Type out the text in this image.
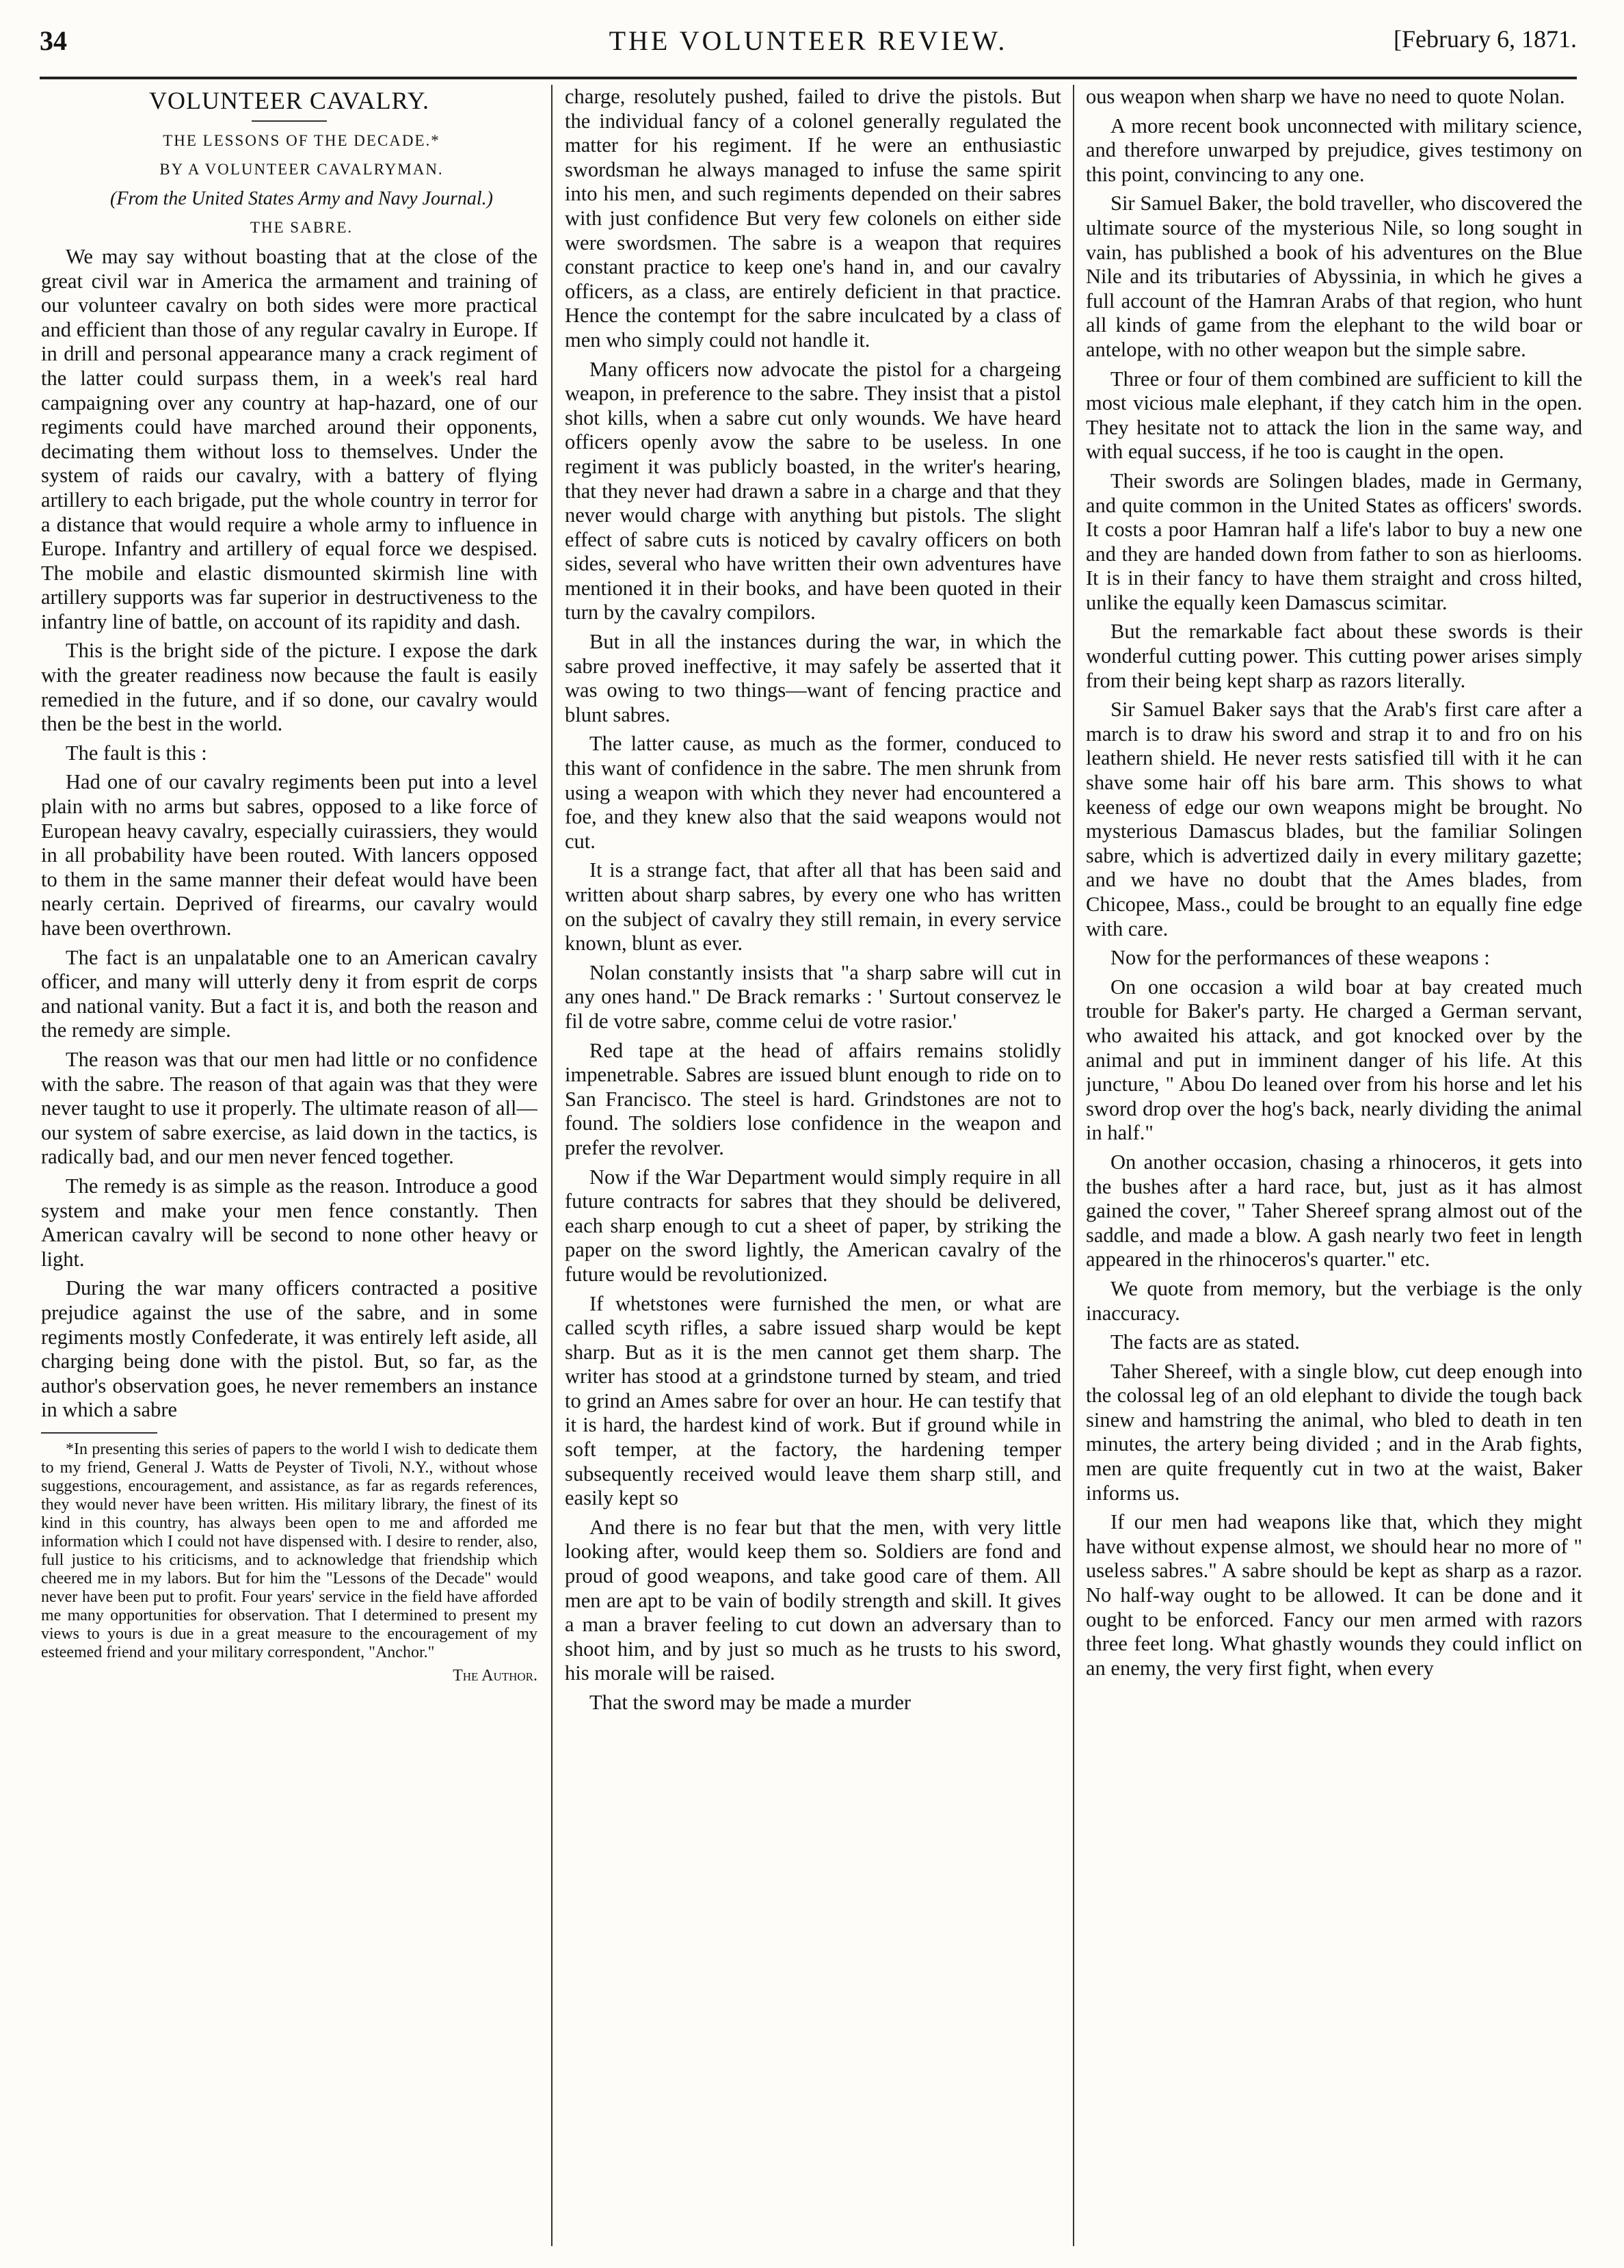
34	THE VOLUNTEER REVIEW.	[February 6, 1871.
VOLUNTEER CAVALRY.

THE LESSONS OF THE DECADE.*

BY A VOLUNTEER CAVALRYMAN.

(From the United States Army and Navy Journal.)

THE SABRE.

We may say without boasting that at the close of the great civil war in America the armament and training of our volunteer cavalry on both sides were more practical and efficient than those of any regular cavalry in Europe. If in drill and personal appearance many a crack regiment of the latter could surpass them, in a week's real hard campaigning over any country at hap-hazard, one of our regiments could have marched around their opponents, decimating them without loss to themselves. Under the system of raids our cavalry, with a battery of flying artillery to each brigade, put the whole country in terror for a distance that would require a whole army to influence in Europe. Infantry and artillery of equal force we despised. The mobile and elastic dismounted skirmish line with artillery supports was far superior in destructiveness to the infantry line of battle, on account of its rapidity and dash.

This is the bright side of the picture. I expose the dark with the greater readiness now because the fault is easily remedied in the future, and if so done, our cavalry would then be the best in the world.

The fault is this :

Had one of our cavalry regiments been put into a level plain with no arms but sabres, opposed to a like force of European heavy cavalry, especially cuirassiers, they would in all probability have been routed. With lancers opposed to them in the same manner their defeat would have been nearly certain. Deprived of firearms, our cavalry would have been overthrown.

The fact is an unpalatable one to an American cavalry officer, and many will utterly deny it from esprit de corps and national vanity. But a fact it is, and both the reason and the remedy are simple.

The reason was that our men had little or no confidence with the sabre. The reason of that again was that they were never taught to use it properly. The ultimate reason of all—our system of sabre exercise, as laid down in the tactics, is radically bad, and our men never fenced together.

The remedy is as simple as the reason. Introduce a good system and make your men fence constantly. Then American cavalry will be second to none other heavy or light.

During the war many officers contracted a positive prejudice against the use of the sabre, and in some regiments mostly Confederate, it was entirely left aside, all charging being done with the pistol. But, so far, as the author's observation goes, he never remembers an instance in which a sabre

*In presenting this series of papers to the world I wish to dedicate them to my friend, General J. Watts de Peyster of Tivoli, N.Y., without whose suggestions, encouragement, and assistance, as far as regards references, they would never have been written. His military library, the finest of its kind in this country, has always been open to me and afforded me information which I could not have dispensed with. I desire to render, also, full justice to his criticisms, and to acknowledge that friendship which cheered me in my labors. But for him the "Lessons of the Decade" would never have been put to profit. Four years' service in the field have afforded me many opportunities for observation. That I determined to present my views to yours is due in a great measure to the encouragement of my esteemed friend and your military correspondent, "Anchor."

The Author.

charge, resolutely pushed, failed to drive the pistols. But the individual fancy of a colonel generally regulated the matter for his regiment. If he were an enthusiastic swordsman he always managed to infuse the same spirit into his men, and such regiments depended on their sabres with just confidence But very few colonels on either side were swordsmen. The sabre is a weapon that requires constant practice to keep one's hand in, and our cavalry officers, as a class, are entirely deficient in that practice. Hence the contempt for the sabre inculcated by a class of men who simply could not handle it.

Many officers now advocate the pistol for a chargeing weapon, in preference to the sabre. They insist that a pistol shot kills, when a sabre cut only wounds. We have heard officers openly avow the sabre to be useless. In one regiment it was publicly boasted, in the writer's hearing, that they never had drawn a sabre in a charge and that they never would charge with anything but pistols. The slight effect of sabre cuts is noticed by cavalry officers on both sides, several who have written their own adventures have mentioned it in their books, and have been quoted in their turn by the cavalry compilors.

But in all the instances during the war, in which the sabre proved ineffective, it may safely be asserted that it was owing to two things—want of fencing practice and blunt sabres.

The latter cause, as much as the former, conduced to this want of confidence in the sabre. The men shrunk from using a weapon with which they never had encountered a foe, and they knew also that the said weapons would not cut.

It is a strange fact, that after all that has been said and written about sharp sabres, by every one who has written on the subject of cavalry they still remain, in every service known, blunt as ever.

Nolan constantly insists that "a sharp sabre will cut in any ones hand." De Brack remarks : ' Surtout conservez le fil de votre sabre, comme celui de votre rasior.'

Red tape at the head of affairs remains stolidly impenetrable. Sabres are issued blunt enough to ride on to San Francisco. The steel is hard. Grindstones are not to found. The soldiers lose confidence in the weapon and prefer the revolver.

Now if the War Department would simply require in all future contracts for sabres that they should be delivered, each sharp enough to cut a sheet of paper, by striking the paper on the sword lightly, the American cavalry of the future would be revolutionized.

If whetstones were furnished the men, or what are called scyth rifles, a sabre issued sharp would be kept sharp. But as it is the men cannot get them sharp. The writer has stood at a grindstone turned by steam, and tried to grind an Ames sabre for over an hour. He can testify that it is hard, the hardest kind of work. But if ground while in soft temper, at the factory, the hardening temper subsequently received would leave them sharp still, and easily kept so

And there is no fear but that the men, with very little looking after, would keep them so. Soldiers are fond and proud of good weapons, and take good care of them. All men are apt to be vain of bodily strength and skill. It gives a man a braver feeling to cut down an adversary than to shoot him, and by just so much as he trusts to his sword, his morale will be raised.

That the sword may be made a murder

ous weapon when sharp we have no need to quote Nolan.

A more recent book unconnected with military science, and therefore unwarped by prejudice, gives testimony on this point, convincing to any one.

Sir Samuel Baker, the bold traveller, who discovered the ultimate source of the mysterious Nile, so long sought in vain, has published a book of his adventures on the Blue Nile and its tributaries of Abyssinia, in which he gives a full account of the Hamran Arabs of that region, who hunt all kinds of game from the elephant to the wild boar or antelope, with no other weapon but the simple sabre.

Three or four of them combined are sufficient to kill the most vicious male elephant, if they catch him in the open. They hesitate not to attack the lion in the same way, and with equal success, if he too is caught in the open.

Their swords are Solingen blades, made in Germany, and quite common in the United States as officers' swords. It costs a poor Hamran half a life's labor to buy a new one and they are handed down from father to son as hierlooms. It is in their fancy to have them straight and cross hilted, unlike the equally keen Damascus scimitar.

But the remarkable fact about these swords is their wonderful cutting power. This cutting power arises simply from their being kept sharp as razors literally.

Sir Samuel Baker says that the Arab's first care after a march is to draw his sword and strap it to and fro on his leathern shield. He never rests satisfied till with it he can shave some hair off his bare arm. This shows to what keeness of edge our own weapons might be brought. No mysterious Damascus blades, but the familiar Solingen sabre, which is advertized daily in every military gazette; and we have no doubt that the Ames blades, from Chicopee, Mass., could be brought to an equally fine edge with care.

Now for the performances of these weapons :

On one occasion a wild boar at bay created much trouble for Baker's party. He charged a German servant, who awaited his attack, and got knocked over by the animal and put in imminent danger of his life. At this juncture, " Abou Do leaned over from his horse and let his sword drop over the hog's back, nearly dividing the animal in half."

On another occasion, chasing a rhinoceros, it gets into the bushes after a hard race, but, just as it has almost gained the cover, " Taher Shereef sprang almost out of the saddle, and made a blow. A gash nearly two feet in length appeared in the rhinoceros's quarter." etc.

We quote from memory, but the verbiage is the only inaccuracy.

The facts are as stated.

Taher Shereef, with a single blow, cut deep enough into the colossal leg of an old elephant to divide the tough back sinew and hamstring the animal, who bled to death in ten minutes, the artery being divided ; and in the Arab fights, men are quite frequently cut in two at the waist, Baker informs us.

If our men had weapons like that, which they might have without expense almost, we should hear no more of " useless sabres." A sabre should be kept as sharp as a razor. No half-way ought to be allowed. It can be done and it ought to be enforced. Fancy our men armed with razors three feet long. What ghastly wounds they could inflict on an enemy, the very first fight, when every
